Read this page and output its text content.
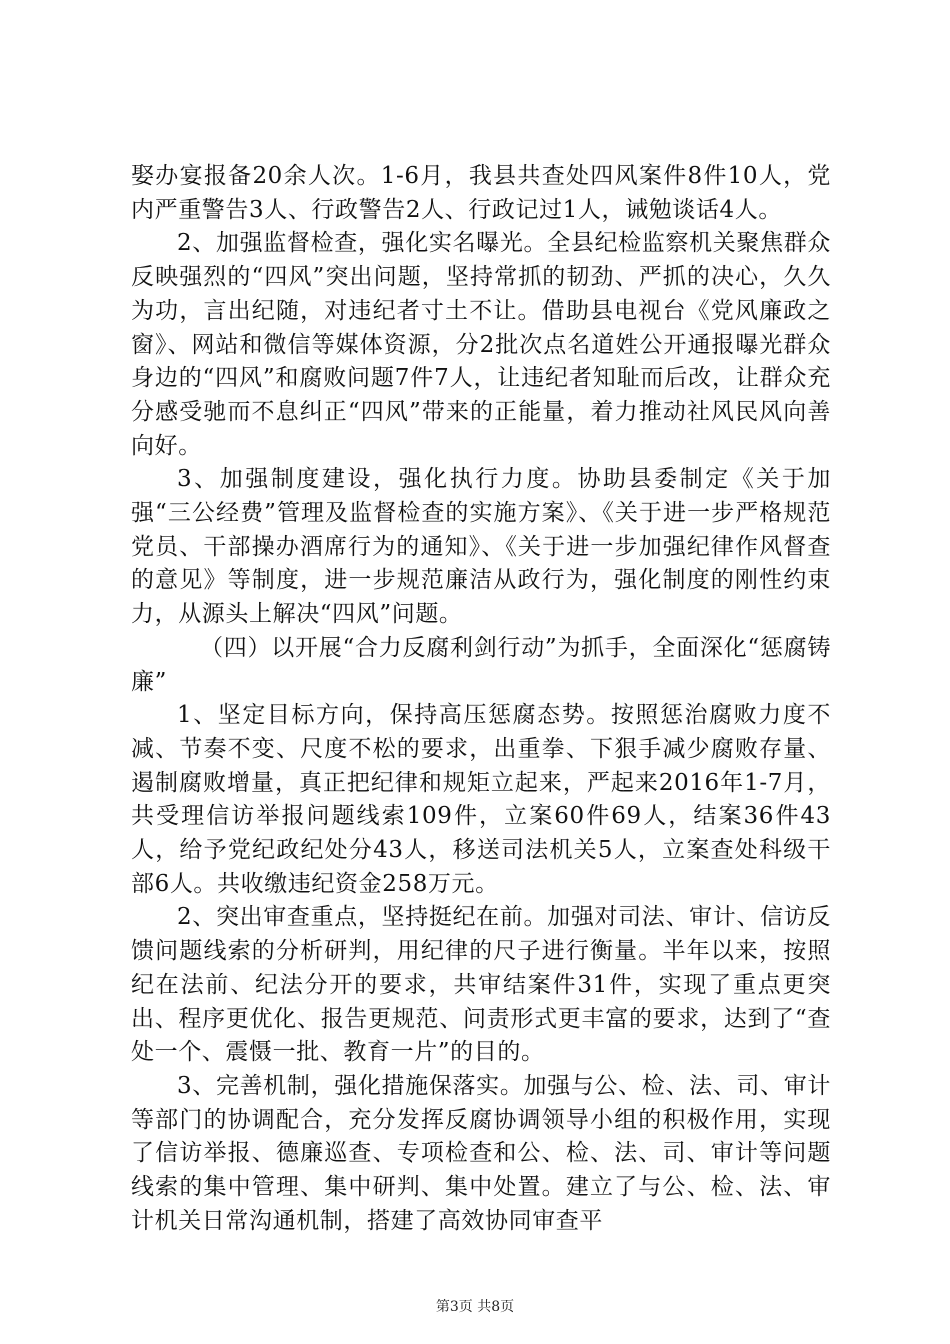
娶办宴报备20余人次。1-6月，我县共查处四风案件8件10人，党内严重警告3人、行政警告2人、行政记过1人，诫勉谈话4人。

2、加强监督检查，强化实名曝光。全县纪检监察机关聚焦群众反映强烈的“四风”突出问题，坚持常抓的韧劲、严抓的决心，久久为功，言出纪随，对违纪者寸土不让。借助县电视台《党风廉政之窗》、网站和微信等媒体资源，分2批次点名道姓公开通报曝光群众身边的“四风”和腐败问题7件7人，让违纪者知耻而后改，让群众充分感受驰而不息纠正“四风”带来的正能量，着力推动社风民风向善向好。

3、加强制度建设，强化执行力度。协助县委制定《关于加强“三公经费”管理及监督检查的实施方案》、《关于进一步严格规范党员、干部操办酒席行为的通知》、《关于进一步加强纪律作风督查的意见》等制度，进一步规范廉洁从政行为，强化制度的刚性约束力，从源头上解决“四风”问题。

（四）以开展“合力反腐利剑行动”为抓手，全面深化“惩腐铸廉”

1、坚定目标方向，保持高压惩腐态势。按照惩治腐败力度不减、节奏不变、尺度不松的要求，出重拳、下狠手减少腐败存量、遏制腐败增量，真正把纪律和规矩立起来，严起来2016年1-7月，共受理信访举报问题线索109件，立案60件69人，结案36件43人，给予党纪政纪处分43人，移送司法机关5人，立案查处科级干部6人。共收缴违纪资金258万元。

2、突出审查重点，坚持挺纪在前。加强对司法、审计、信访反馈问题线索的分析研判，用纪律的尺子进行衡量。半年以来，按照纪在法前、纪法分开的要求，共审结案件31件，实现了重点更突出、程序更优化、报告更规范、问责形式更丰富的要求，达到了“查处一个、震慑一批、教育一片”的目的。

3、完善机制，强化措施保落实。加强与公、检、法、司、审计等部门的协调配合，充分发挥反腐协调领导小组的积极作用，实现了信访举报、德廉巡查、专项检查和公、检、法、司、审计等问题线索的集中管理、集中研判、集中处置。建立了与公、检、法、审计机关日常沟通机制，搭建了高效协同审查平

第3页 共8页
